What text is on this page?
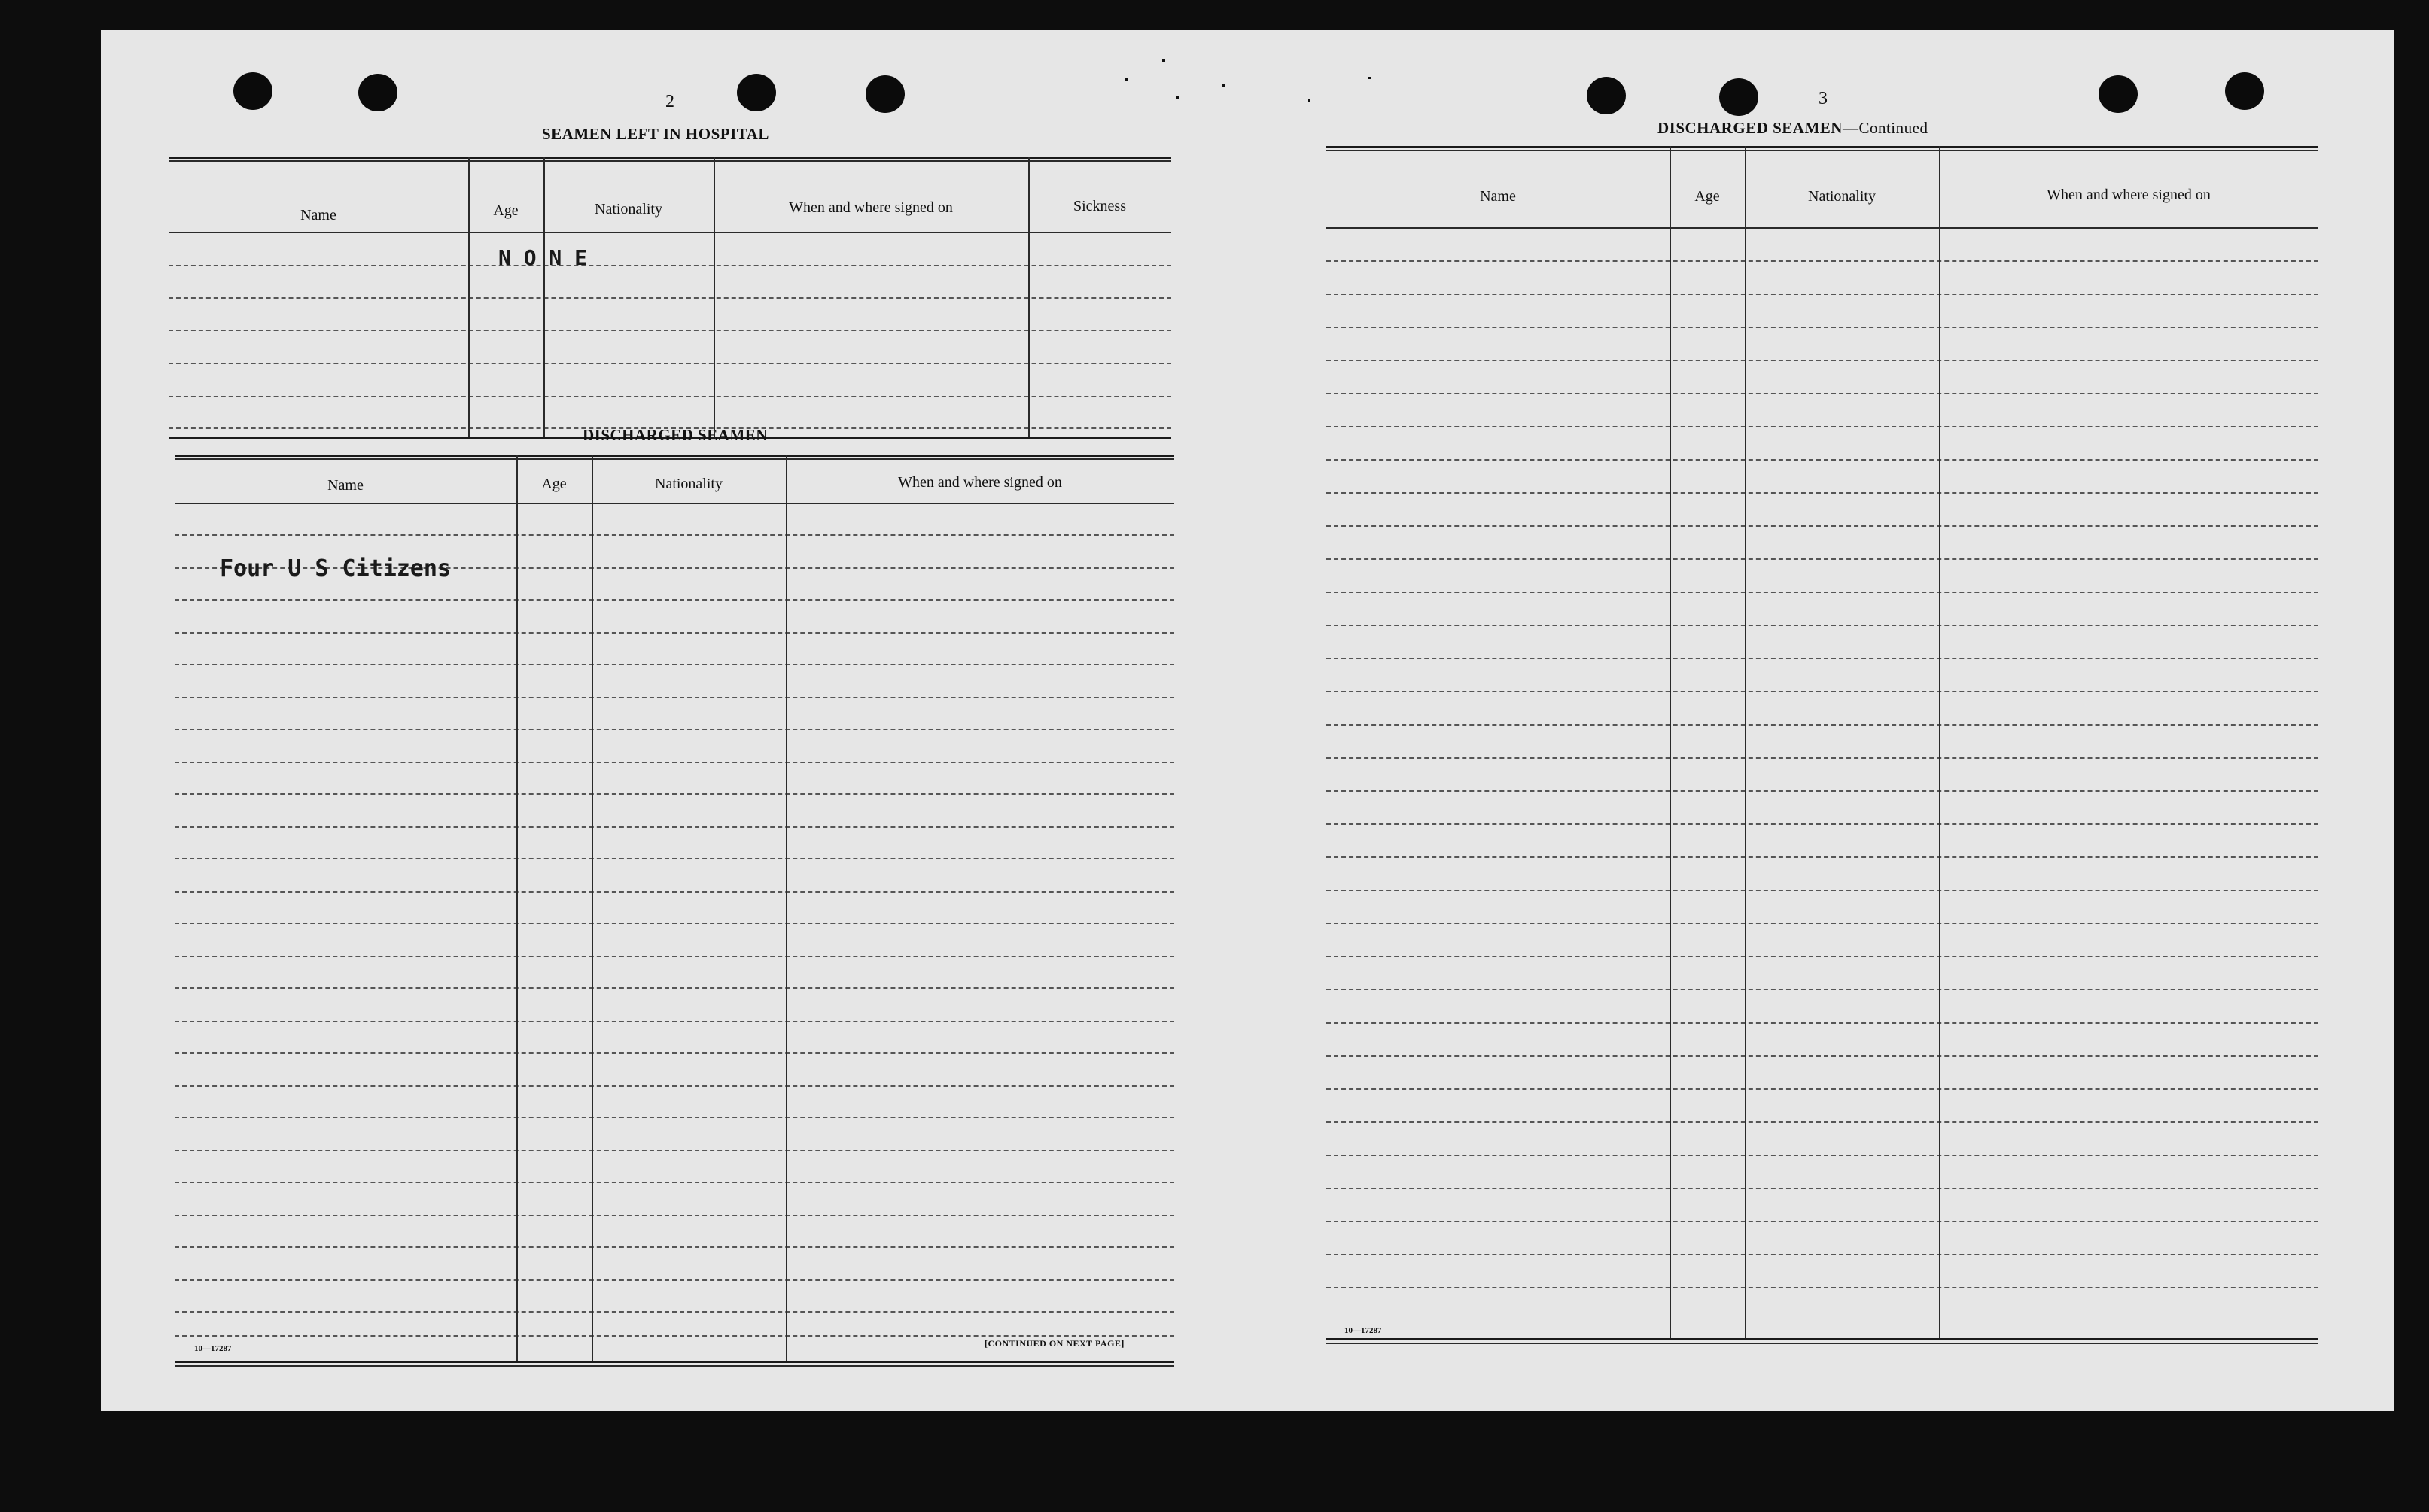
2
SEAMEN LEFT IN HOSPITAL
Name	Age	Nationality	When and where signed on	Sickness
N O N E
DISCHARGED SEAMEN
Name	Age	Nationality	When and where signed on
Four U S Citizens
10—17287	[CONTINUED ON NEXT PAGE]
3
DISCHARGED SEAMEN—Continued
Name	Age	Nationality	When and where signed on
10—17287
